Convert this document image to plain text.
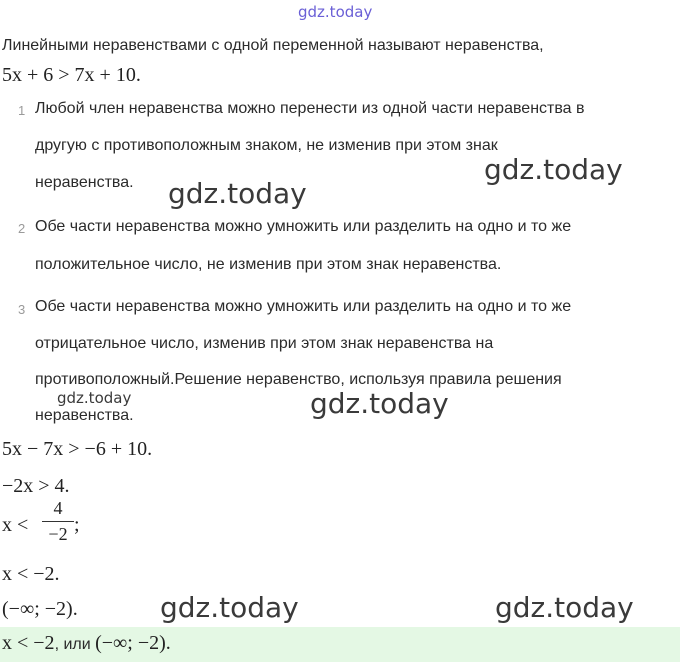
gdz.today
Линейными неравенствами с одной переменной называют неравенства,
5x + 6 > 7x + 10.
1 Любой член неравенства можно перенести из одной части неравенства в
другую с противоположным знаком, не изменив при этом знак
неравенства.
2 Обе части неравенства можно умножить или разделить на одно и то же
положительное число, не изменив при этом знак неравенства.
3 Обе части неравенства можно умножить или разделить на одно и то же
отрицательное число, изменив при этом знак неравенства на
противоположный.Решение неравенство, используя правила решения
неравенства.
gdz.today
gdz.today
gdz.today	gdz.today
5x − 7x > −6 + 10.
−2x > 4.
x <
4
−2 ;
x < −2.
(−∞; −2).	gdz.today	gdz.today
x < −2, или (−∞; −2).
